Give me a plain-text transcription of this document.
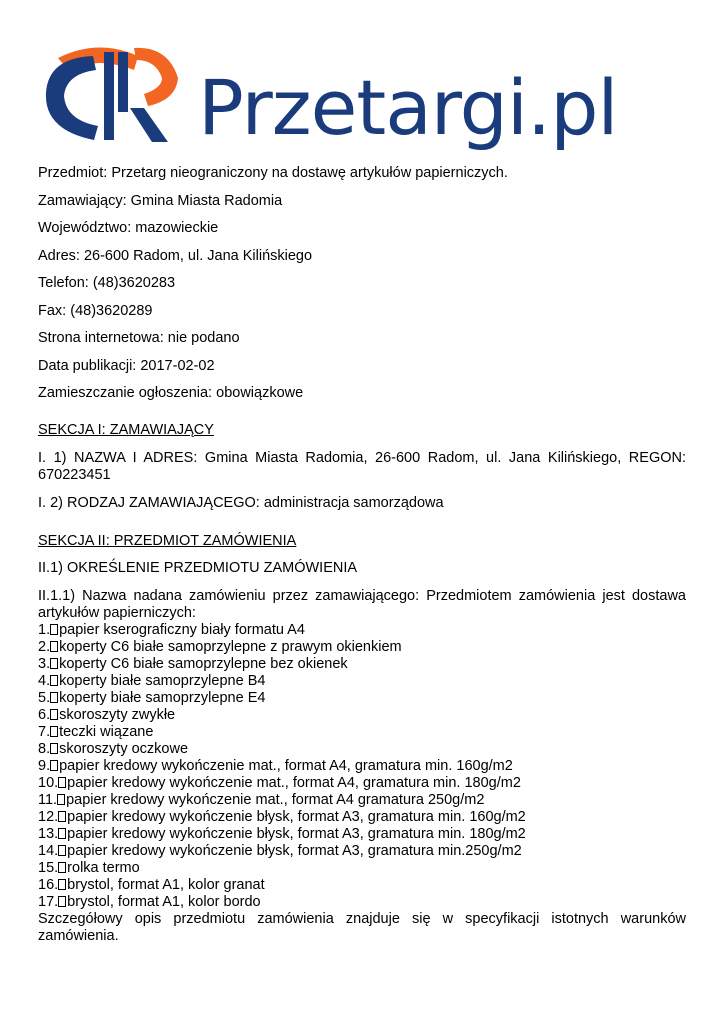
Przetargi.pl

Przedmiot: Przetarg nieograniczony na dostawę artykułów papierniczych.

Zamawiający: Gmina Miasta Radomia

Województwo: mazowieckie

Adres: 26-600 Radom, ul. Jana Kilińskiego

Telefon: (48)3620283

Fax: (48)3620289

Strona internetowa: nie podano

Data publikacji: 2017-02-02

Zamieszczanie ogłoszenia: obowiązkowe

SEKCJA I: ZAMAWIAJĄCY

I. 1) NAZWA I ADRES: Gmina Miasta Radomia, 26-600 Radom, ul. Jana Kilińskiego, REGON: 670223451

I. 2) RODZAJ ZAMAWIAJĄCEGO: administracja samorządowa

SEKCJA II: PRZEDMIOT ZAMÓWIENIA

II.1) OKREŚLENIE PRZEDMIOTU ZAMÓWIENIA

II.1.1) Nazwa nadana zamówieniu przez zamawiającego: Przedmiotem zamówienia jest dostawa artykułów papierniczych:

1. papier kserograficzny biały formatu A4
2. koperty C6 białe samoprzylepne z prawym okienkiem
3. koperty C6 białe samoprzylepne bez okienek
4. koperty białe samoprzylepne B4
5. koperty białe samoprzylepne E4
6. skoroszyty zwykłe
7. teczki wiązane
8. skoroszyty oczkowe
9. papier kredowy wykończenie mat., format A4, gramatura min. 160g/m2
10. papier kredowy wykończenie mat., format A4, gramatura min. 180g/m2
11. papier kredowy wykończenie mat., format A4 gramatura 250g/m2
12. papier kredowy wykończenie błysk, format A3, gramatura min. 160g/m2
13. papier kredowy wykończenie błysk, format A3, gramatura min. 180g/m2
14. papier kredowy wykończenie błysk, format A3, gramatura min.250g/m2
15. rolka termo
16. brystol, format A1, kolor granat
17. brystol, format A1, kolor bordo

Szczegółowy opis przedmiotu zamówienia znajduje się w specyfikacji istotnych warunków zamówienia.
